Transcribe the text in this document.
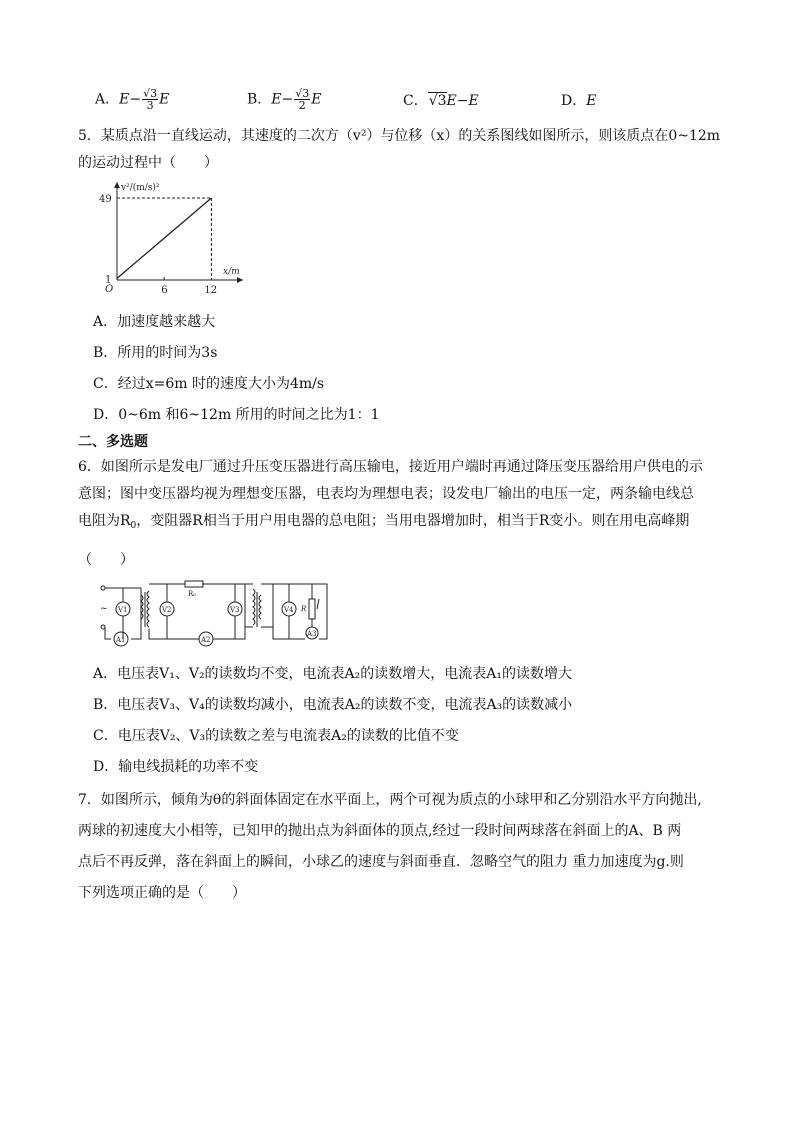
A．$E- \frac{√3}{3}$ E	B．$E- \frac{√3}{2}$ E	C．√3E−E	D．E
5．某质点沿一直线运动，其速度的二次方（v²）与位移（x）的关系图线如图所示，则该质点在0~12m
的运动过程中（　　）
v²/(m/s)²
x/m
O
1
49
6	12
A．加速度越来越大
B．所用的时间为3s
C．经过x=6m 时的速度大小为4m/s
D．0~6m 和6~12m 所用的时间之比为1：1
二、多选题
6．如图所示是发电厂通过升压变压器进行高压输电，接近用户端时再通过降压变压器给用户供电的示
意图；图中变压器均视为理想变压器，电表均为理想电表；设发电厂输出的电压一定，两条输电线总
电阻为$R_0$，变阻器R相当于用户用电器的总电阻；当用电器增加时，相当于R变小。则在用电高峰期
（　　）
~
A1
V1
R₀
A2
V2	V3	V4 R
A3
A．电压表V₁、V₂的读数均不变，电流表A₂的读数增大，电流表A₁的读数增大
B．电压表V₃、V₄的读数均减小，电流表A₂的读数不变，电流表A₃的读数减小
C．电压表V₂、V₃的读数之差与电流表A₂的读数的比值不变
D．输电线损耗的功率不变
7．如图所示，倾角为θ的斜面体固定在水平面上，两个可视为质点的小球甲和乙分别沿水平方向抛出,
两球的初速度大小相等，已知甲的抛出点为斜面体的顶点,经过一段时间两球落在斜面上的A、B 两
点后不再反弹，落在斜面上的瞬间，小球乙的速度与斜面垂直．忽略空气的阻力 重力加速度为g.则
下列选项正确的是（　　）
